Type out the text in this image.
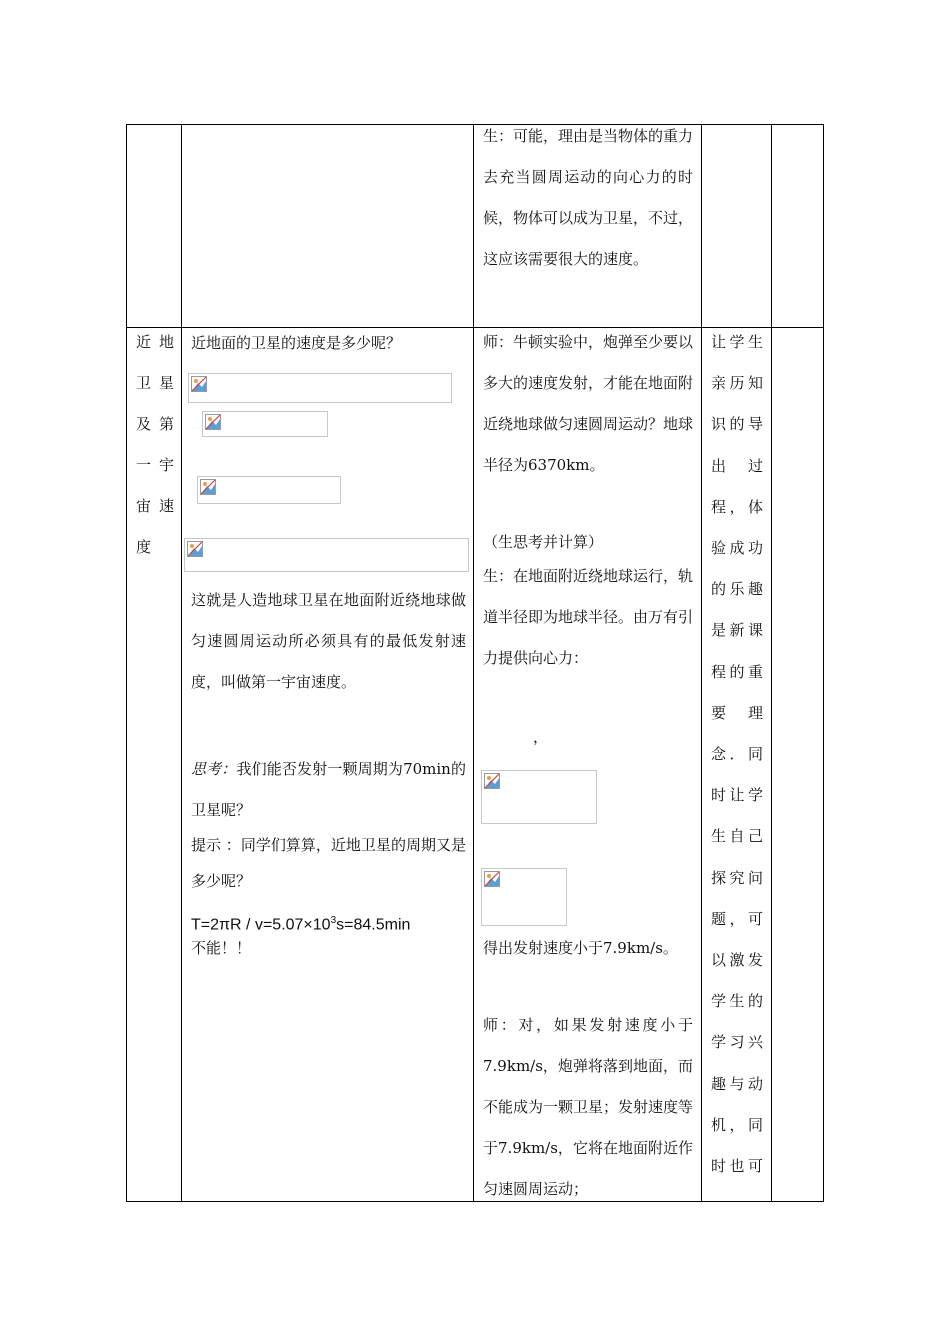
生：可能，理由是当物体的重力去充当圆周运动的向心力的时候，物体可以成为卫星，不过，这应该需要很大的速度。
近 地
卫 星
及 第
一 宇
宙 速
度
近地面的卫星的速度是多少呢？
这就是人造地球卫星在地面附近绕地球做匀速圆周运动所必须具有的最低发射速度，叫做第一宇宙速度。
思考：我们能否发射一颗周期为70min的卫星呢？
提示 ：同学们算算，近地卫星的周期又是多少呢？
$T=2\pi R / v=5.07\times 10^3s=84.5\min$
不能！！
师：牛顿实验中，炮弹至少要以多大的速度发射，才能在地面附近绕地球做匀速圆周运动？地球半径为6370km。
（生思考并计算）
生：在地面附近绕地球运行，轨道半径即为地球半径。由万有引力提供向心力：
，
得出发射速度小于7.9km/s。
师：对，如果发射速度小于7.9km/s，炮弹将落到地面，而不能成为一颗卫星；发射速度等于7.9km/s，它将在地面附近作匀速圆周运动；
让学生
亲历知
识的导
出　过
程，体
验成功
的乐趣
是新课
程的重
要　理
念．同
时让学
生自己
探究问
题，可
以激发
学生的
学习兴
趣与动
机，同
时也可
